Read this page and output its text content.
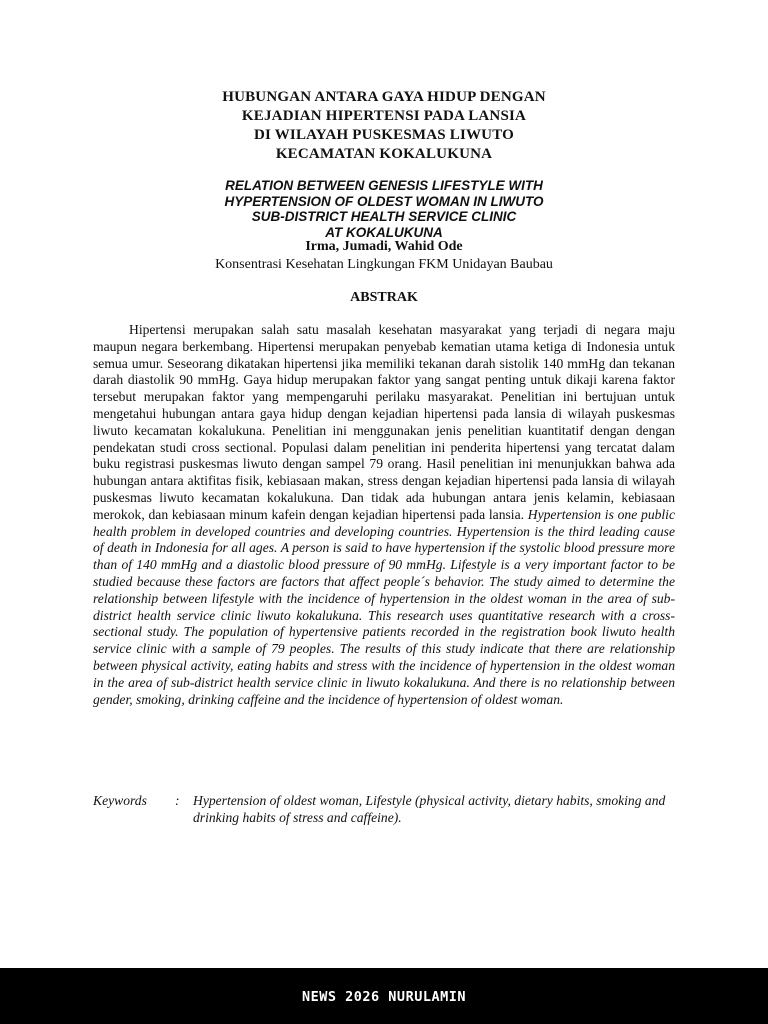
HUBUNGAN ANTARA GAYA HIDUP DENGAN
KEJADIAN HIPERTENSI PADA LANSIA
DI WILAYAH PUSKESMAS LIWUTO
KECAMATAN KOKALUKUNA
RELATION BETWEEN GENESIS LIFESTYLE WITH
HYPERTENSION OF OLDEST WOMAN IN LIWUTO
SUB-DISTRICT HEALTH SERVICE CLINIC
AT KOKALUKUNA
Irma, Jumadi, Wahid Ode
Konsentrasi Kesehatan Lingkungan FKM Unidayan Baubau
ABSTRAK

Hipertensi merupakan salah satu masalah kesehatan masyarakat yang terjadi di negara maju maupun negara berkembang. Hipertensi merupakan penyebab kematian utama ketiga di Indonesia untuk semua umur. Seseorang dikatakan hipertensi jika memiliki tekanan darah sistolik 140 mmHg dan tekanan darah diastolik 90 mmHg. Gaya hidup merupakan faktor yang sangat penting untuk dikaji karena faktor tersebut merupakan faktor yang mempengaruhi perilaku masyarakat. Penelitian ini bertujuan untuk mengetahui hubungan antara gaya hidup dengan kejadian hipertensi pada lansia di wilayah puskesmas liwuto kecamatan kokalukuna. Penelitian ini menggunakan jenis penelitian kuantitatif dengan dengan pendekatan studi cross sectional. Populasi dalam penelitian ini penderita hipertensi yang tercatat dalam buku registrasi puskesmas liwuto dengan sampel 79 orang. Hasil penelitian ini menunjukkan bahwa ada hubungan antara aktifitas fisik, kebiasaan makan, stress dengan kejadian hipertensi pada lansia di wilayah puskesmas liwuto kecamatan kokalukuna. Dan tidak ada hubungan antara jenis kelamin, kebiasaan merokok, dan kebiasaan minum kafein dengan kejadian hipertensi pada lansia. Hypertension is one public health problem in developed countries and developing countries. Hypertension is the third leading cause of death in Indonesia for all ages. A person is said to have hypertension if the systolic blood pressure more than of 140 mmHg and a diastolic blood pressure of 90 mmHg. Lifestyle is a very important factor to be studied because these factors are factors that affect people´s behavior. The study aimed to determine the relationship between lifestyle with the incidence of hypertension in the oldest woman in the area of sub-district health service clinic liwuto kokalukuna. This research uses quantitative research with a cross-sectional study. The population of hypertensive patients recorded in the registration book liwuto health service clinic with a sample of 79 peoples. The results of this study indicate that there are relationship between physical activity, eating habits and stress with the incidence of hypertension in the oldest woman in the area of sub-district health service clinic in liwuto kokalukuna. And there is no relationship between gender, smoking, drinking caffeine and the incidence of hypertension of oldest woman.

Keywords	: Hypertension of oldest woman, Lifestyle (physical activity, dietary habits, smoking and drinking habits of stress and caffeine).
NEWS 2026 NURULAMIN
